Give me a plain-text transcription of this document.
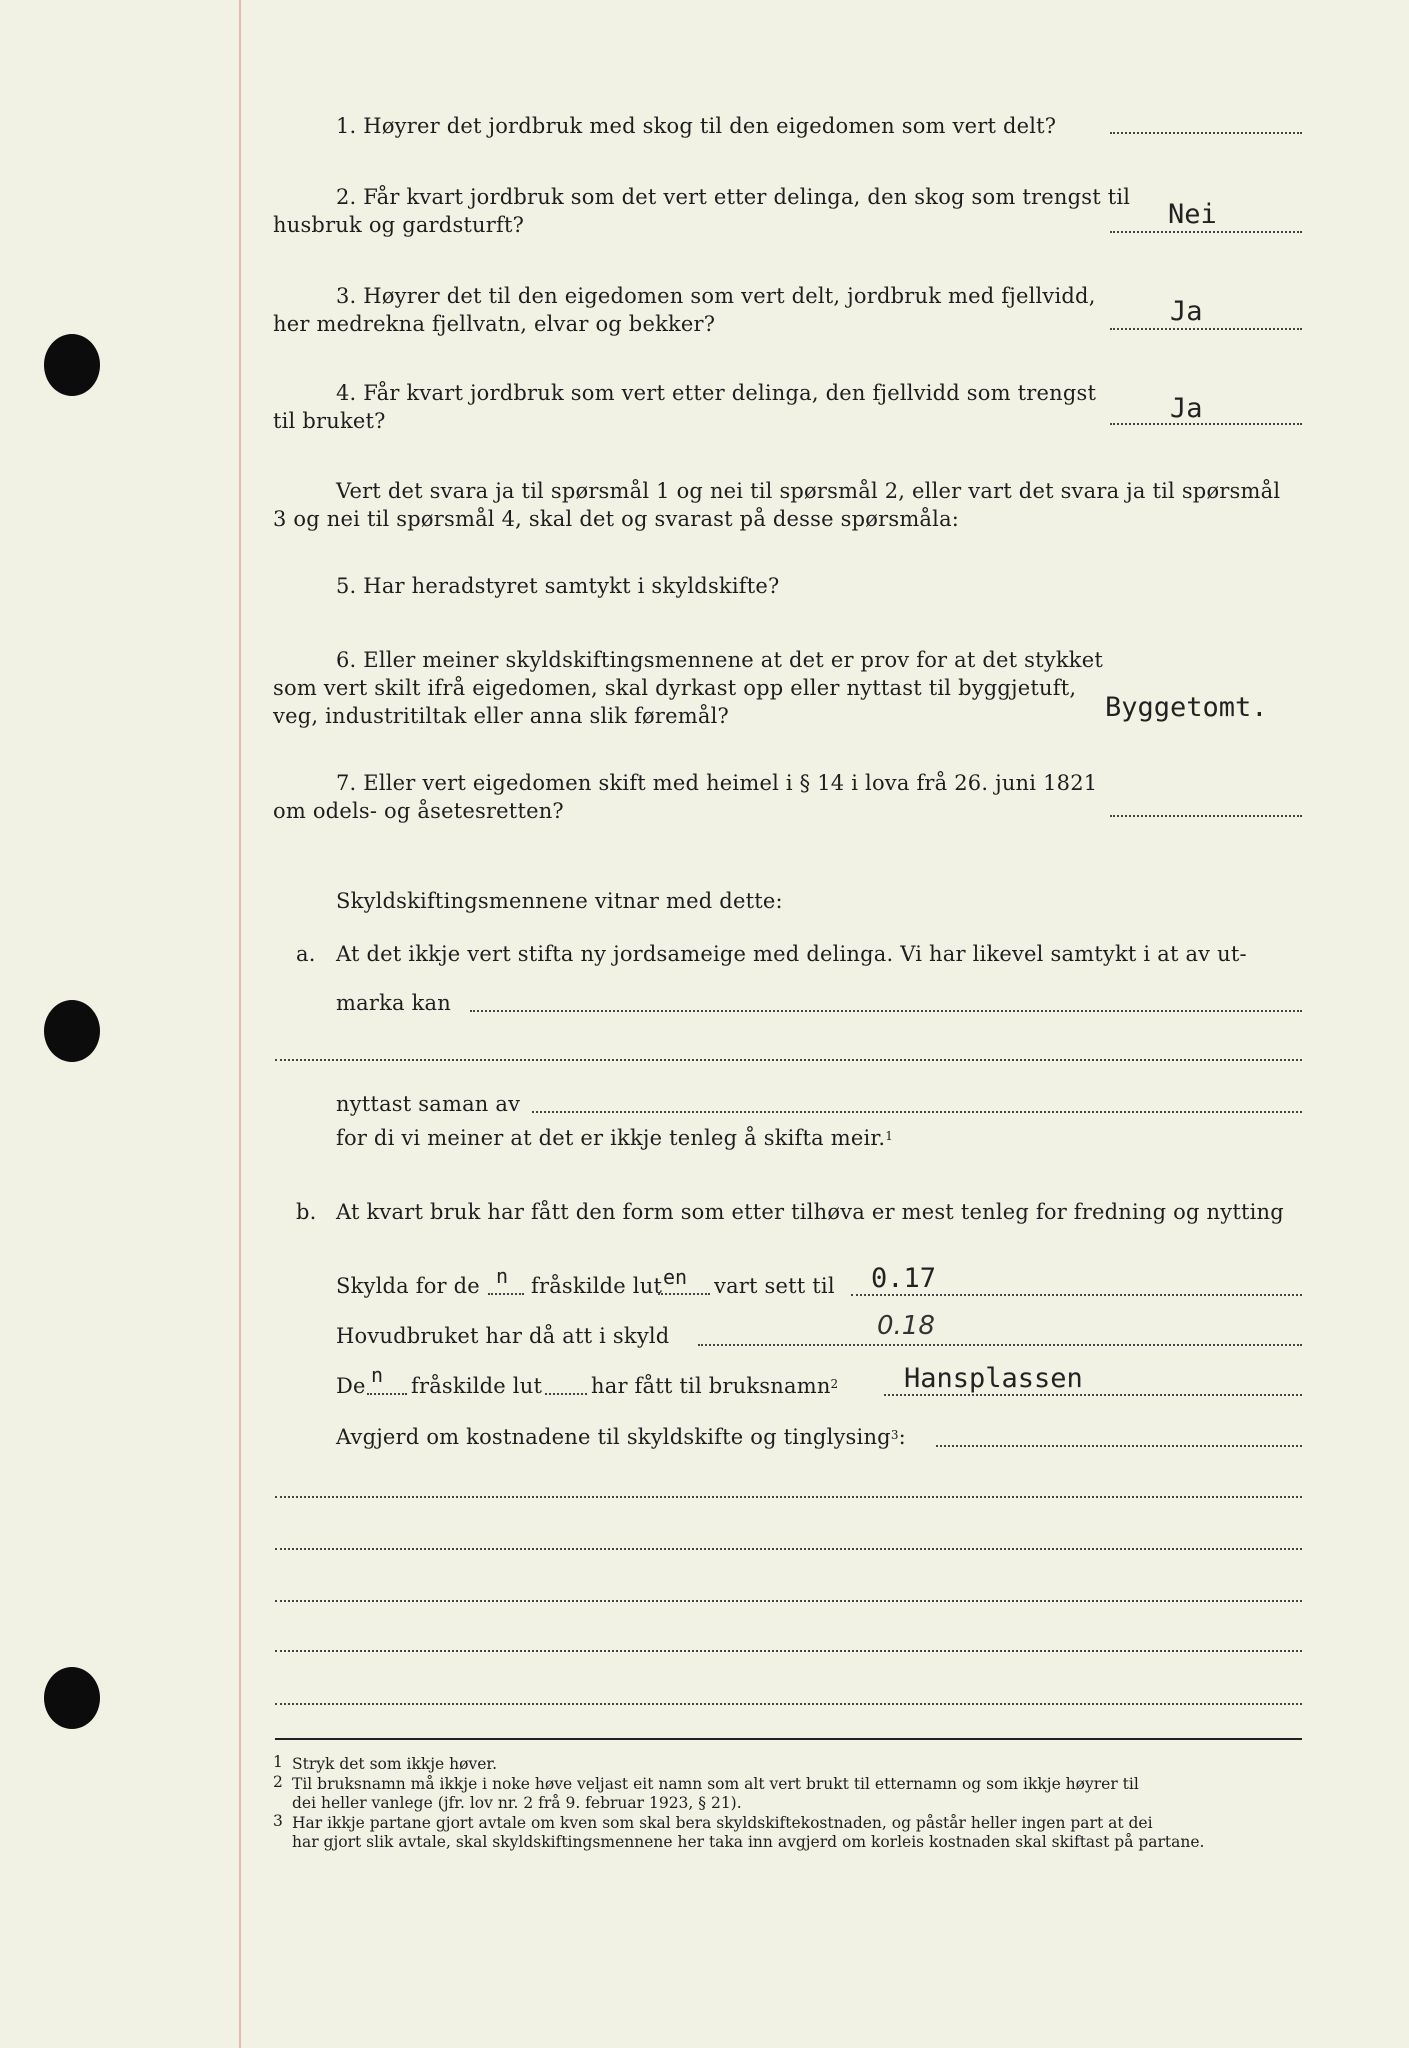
1. Høyrer det jordbruk med skog til den eigedomen som vert delt?
2. Får kvart jordbruk som det vert etter delinga, den skog som trengst til
husbruk og gardsturft?	Nei
3. Høyrer det til den eigedomen som vert delt, jordbruk med fjellvidd,
her medrekna fjellvatn, elvar og bekker?	Ja
4. Får kvart jordbruk som vert etter delinga, den fjellvidd som trengst
til bruket?	Ja
Vert det svara ja til spørsmål 1 og nei til spørsmål 2, eller vart det svara ja til spørsmål
3 og nei til spørsmål 4, skal det og svarast på desse spørsmåla:
5. Har heradstyret samtykt i skyldskifte?
6. Eller meiner skyldskiftingsmennene at det er prov for at det stykket
som vert skilt ifrå eigedomen, skal dyrkast opp eller nyttast til byggjetuft,
veg, industritiltak eller anna slik føremål?	Byggetomt.
7. Eller vert eigedomen skift med heimel i § 14 i lova frå 26. juni 1821
om odels- og åsetesretten?
Skyldskiftingsmennene vitnar med dette:
a. At det ikkje vert stifta ny jordsameige med delinga. Vi har likevel samtykt i at av ut-
marka kan
nyttast saman av
for di vi meiner at det er ikkje tenleg å skifta meir.$^1$
b. At kvart bruk har fått den form som etter tilhøva er mest tenleg for fredning og nytting
Skylda for de n fråskilde lut en vart sett til 0.17
Hovudbruket har då att i skyld	0.18
De n fråskilde lut har fått til bruksnamn$^2$ Hansplassen
Avgjerd om kostnadene til skyldskifte og tinglysing$^3$:
1 Stryk det som ikkje høver.
2 Til bruksnamn må ikkje i noke høve veljast eit namn som alt vert brukt til etternamn og som ikkje høyrer til
dei heller vanlege (jfr. lov nr. 2 frå 9. februar 1923, § 21).
3 Har ikkje partane gjort avtale om kven som skal bera skyldskiftekostnaden, og påstår heller ingen part at dei
har gjort slik avtale, skal skyldskiftingsmennene her taka inn avgjerd om korleis kostnaden skal skiftast på partane.
